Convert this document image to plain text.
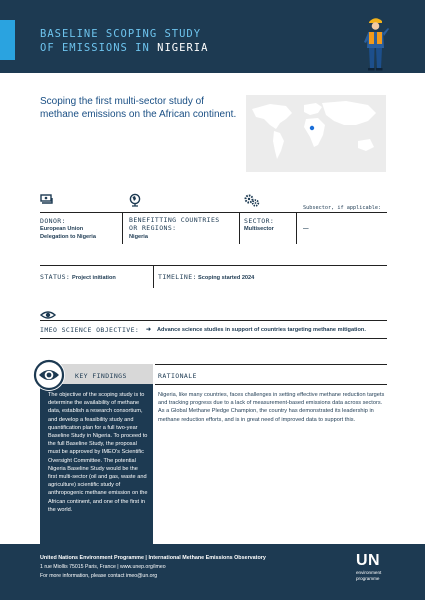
BASELINE SCOPING STUDY
OF EMISSIONS IN NIGERIA
Scoping the first multi-sector study of methane emissions on the African continent.
DONOR:
European Union
Delegation to Nigeria
BENEFITTING COUNTRIES
OR REGIONS:
Nigeria
SECTOR:
Multisector
Subsector, if applicable:
—
STATUS: Project initiation	TIMELINE: Scoping started 2024
IMEO SCIENCE OBJECTIVE: ➜ Advance science studies in support of countries targeting methane mitigation.
KEY FINDINGS
The objective of the scoping study is to determine the availability of methane data, establish a research consortium, and develop a feasibility study and quantification plan for a full two-year Baseline Study in Nigeria. To proceed to the full Baseline Study, the proposal must be approved by IMEO's Scientific Oversight Committee. The potential Nigeria Baseline Study would be the first multi-sector (oil and gas, waste and agriculture) scientific study of anthropogenic methane emission on the African continent, and one of the first in the world.
RATIONALE
Nigeria, like many countries, faces challenges in setting effective methane reduction targets and tracking progress due to a lack of measurement-based emissions data across sectors. As a Global Methane Pledge Champion, the country has demonstrated its leadership in methane reduction efforts, and is in great need of improved data to support this.
United Nations Environment Programme | International Methane Emissions Observatory
1 rue Miollis 75015 Paris, France | www.unep.org/imeo
For more information, please contact imeo@un.org
UN
environment
programme
